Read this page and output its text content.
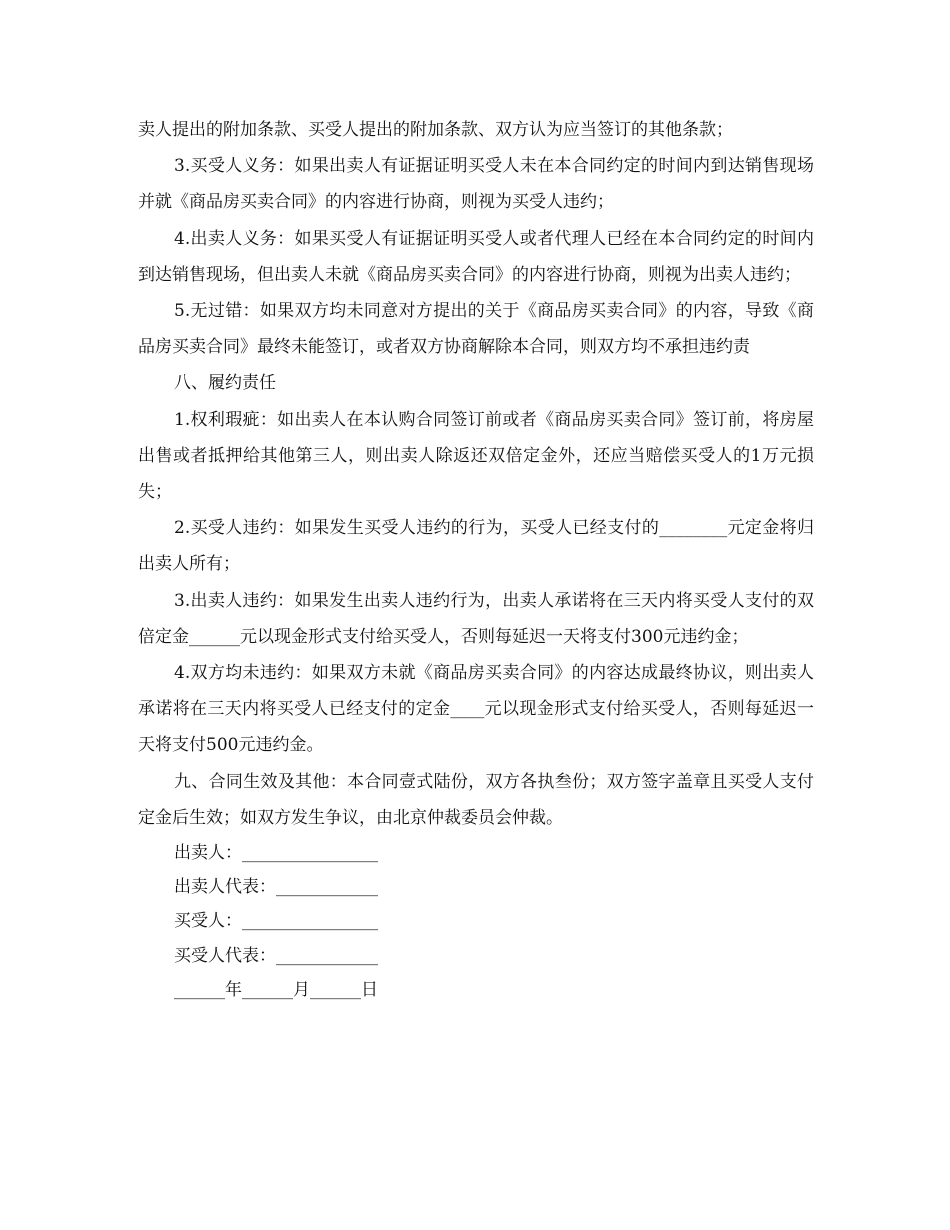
卖人提出的附加条款、买受人提出的附加条款、双方认为应当签订的其他条款；

3.买受人义务：如果出卖人有证据证明买受人未在本合同约定的时间内到达销售现场并就《商品房买卖合同》的内容进行协商，则视为买受人违约；

4.出卖人义务：如果买受人有证据证明买受人或者代理人已经在本合同约定的时间内到达销售现场，但出卖人未就《商品房买卖合同》的内容进行协商，则视为出卖人违约；

5.无过错：如果双方均未同意对方提出的关于《商品房买卖合同》的内容，导致《商品房买卖合同》最终未能签订，或者双方协商解除本合同，则双方均不承担违约责

八、履约责任

1.权利瑕疵：如出卖人在本认购合同签订前或者《商品房买卖合同》签订前，将房屋出售或者抵押给其他第三人，则出卖人除返还双倍定金外，还应当赔偿买受人的1万元损失；

2.买受人违约：如果发生买受人违约的行为，买受人已经支付的________元定金将归出卖人所有；

3.出卖人违约：如果发生出卖人违约行为，出卖人承诺将在三天内将买受人支付的双倍定金______元以现金形式支付给买受人，否则每延迟一天将支付300元违约金；

4.双方均未违约：如果双方未就《商品房买卖合同》的内容达成最终协议，则出卖人承诺将在三天内将买受人已经支付的定金____元以现金形式支付给买受人，否则每延迟一天将支付500元违约金。

九、合同生效及其他：本合同壹式陆份，双方各执叁份；双方签字盖章且买受人支付定金后生效；如双方发生争议，由北京仲裁委员会仲裁。

出卖人：________________

出卖人代表：____________

买受人：________________

买受人代表：____________

______年______月______日
